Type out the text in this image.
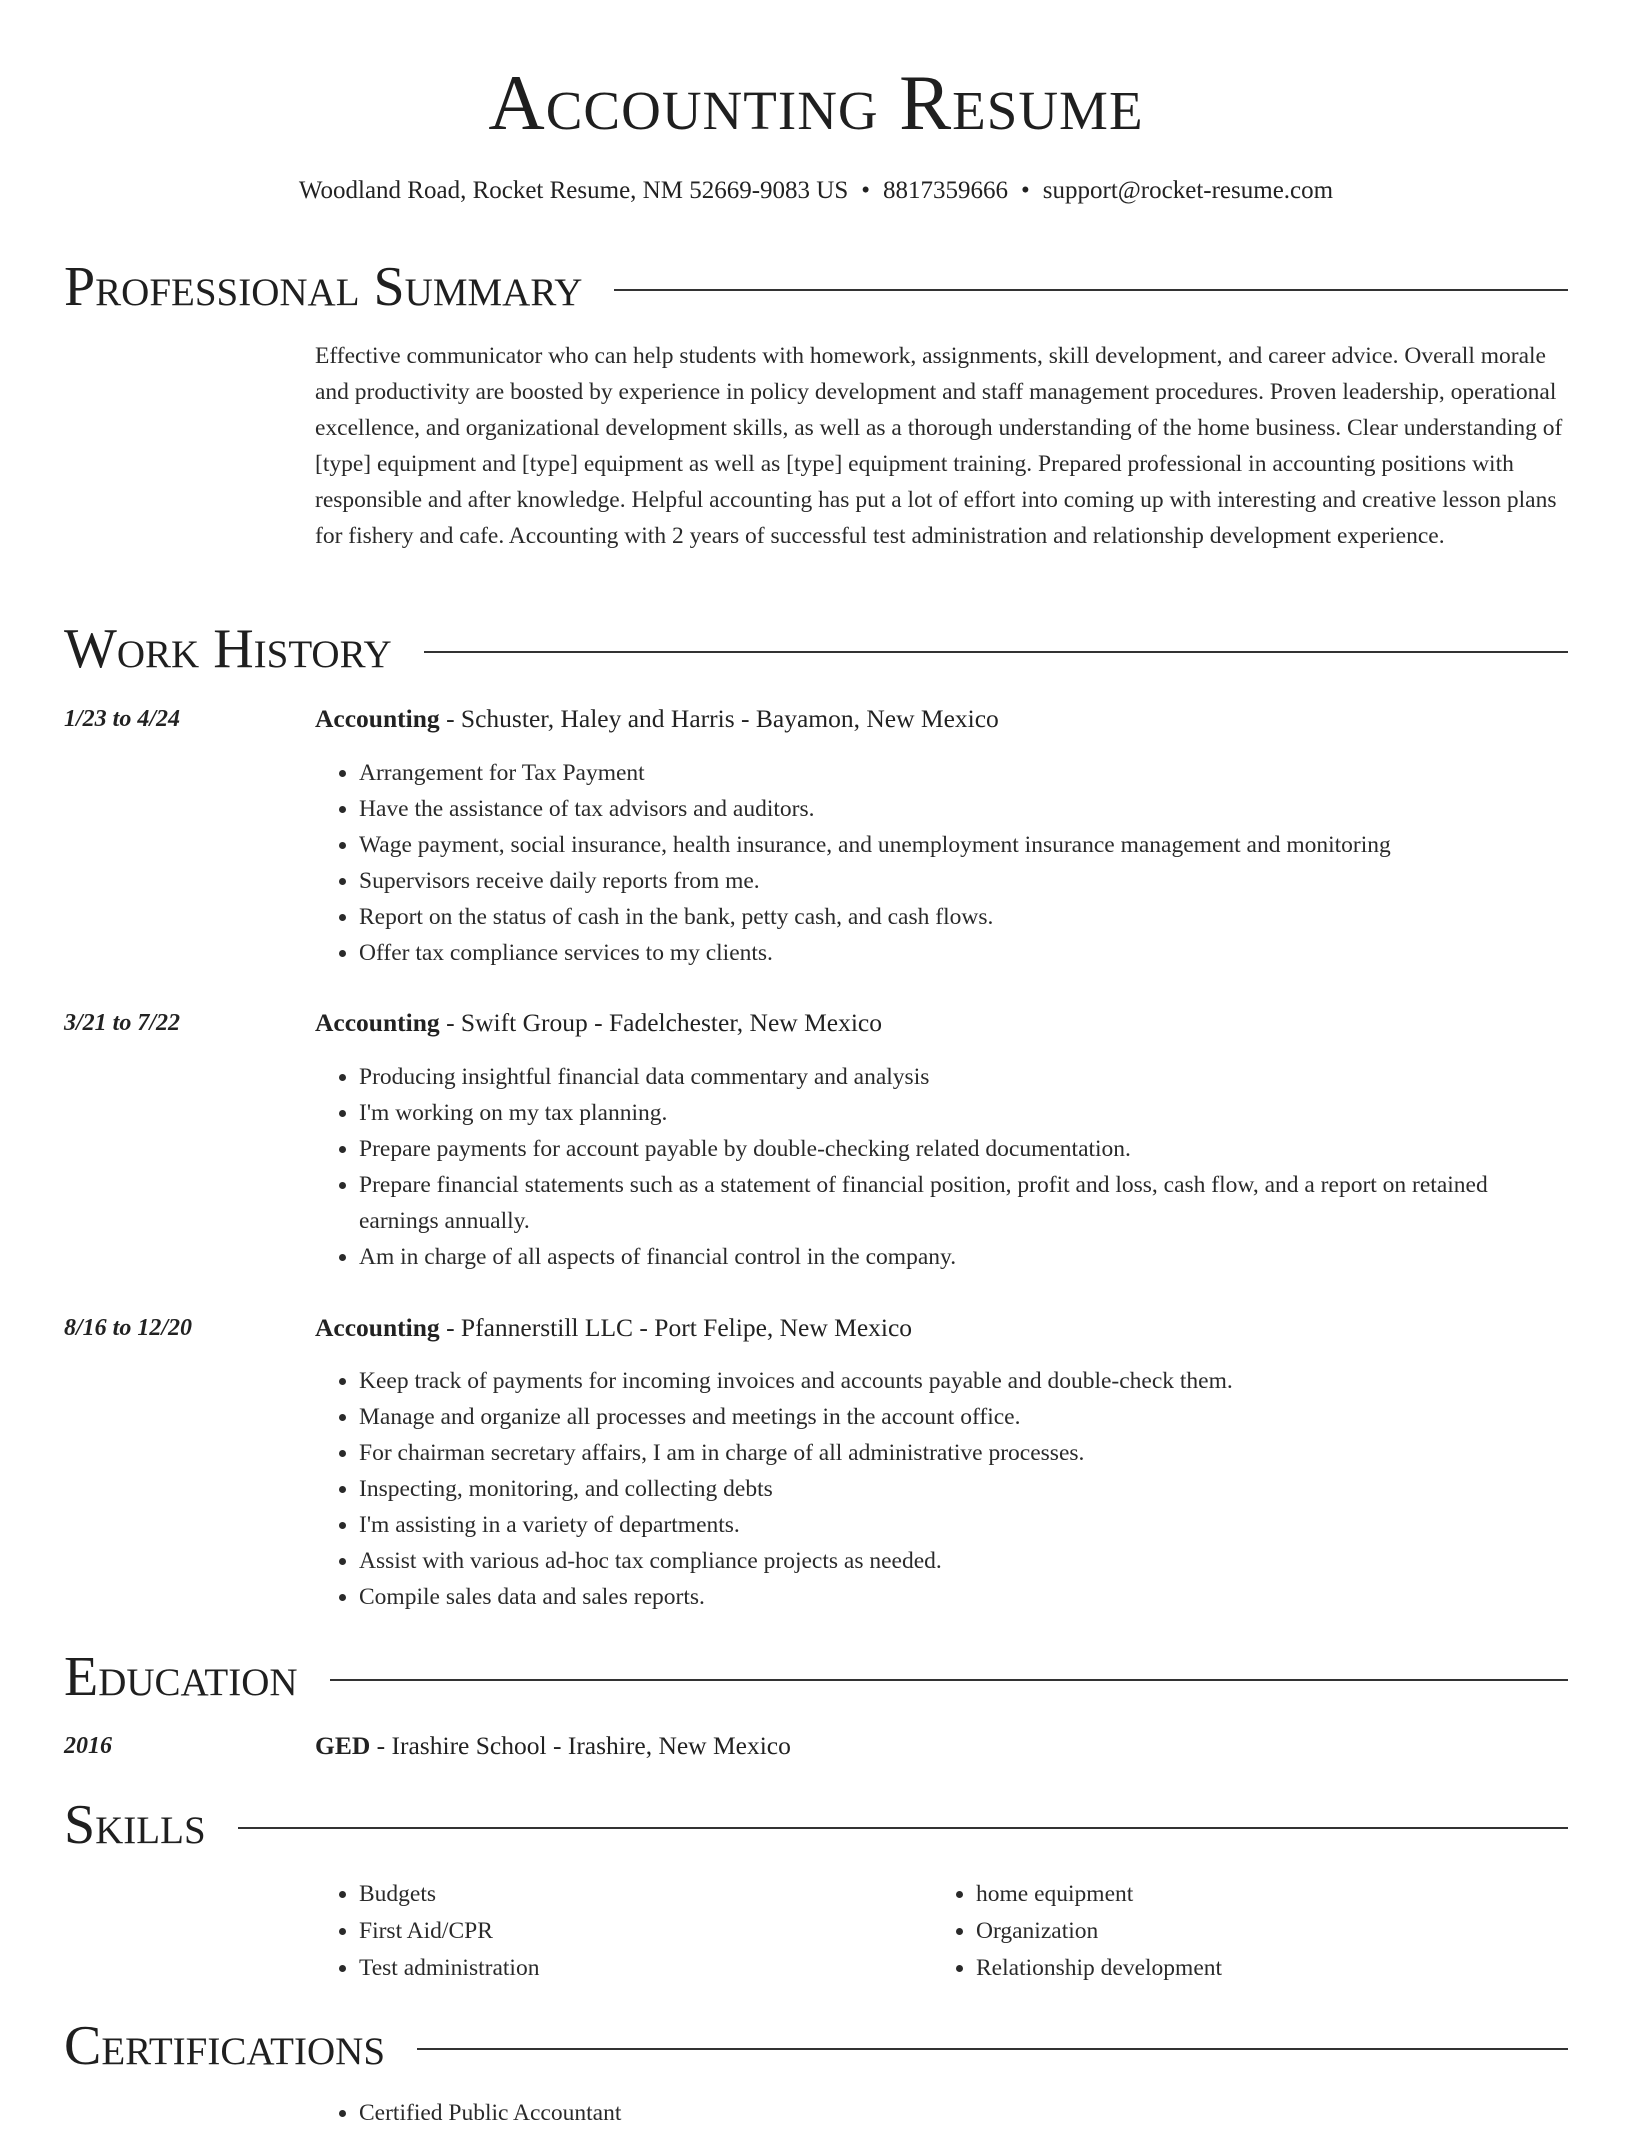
Accounting Resume
Woodland Road, Rocket Resume, NM 52669-9083 US • 8817359666 • support@rocket-resume.com
Professional Summary
Effective communicator who can help students with homework, assignments, skill development, and career advice. Overall morale and productivity are boosted by experience in policy development and staff management procedures. Proven leadership, operational excellence, and organizational development skills, as well as a thorough understanding of the home business. Clear understanding of [type] equipment and [type] equipment as well as [type] equipment training. Prepared professional in accounting positions with responsible and after knowledge. Helpful accounting has put a lot of effort into coming up with interesting and creative lesson plans for fishery and cafe. Accounting with 2 years of successful test administration and relationship development experience.
Work History
1/23 to 4/24	Accounting - Schuster, Haley and Harris - Bayamon, New Mexico
• Arrangement for Tax Payment
• Have the assistance of tax advisors and auditors.
• Wage payment, social insurance, health insurance, and unemployment insurance management and monitoring
• Supervisors receive daily reports from me.
• Report on the status of cash in the bank, petty cash, and cash flows.
• Offer tax compliance services to my clients.
3/21 to 7/22	Accounting - Swift Group - Fadelchester, New Mexico
• Producing insightful financial data commentary and analysis
• I'm working on my tax planning.
• Prepare payments for account payable by double-checking related documentation.
• Prepare financial statements such as a statement of financial position, profit and loss, cash flow, and a report on retained earnings annually.
• Am in charge of all aspects of financial control in the company.
8/16 to 12/20	Accounting - Pfannerstill LLC - Port Felipe, New Mexico
• Keep track of payments for incoming invoices and accounts payable and double-check them.
• Manage and organize all processes and meetings in the account office.
• For chairman secretary affairs, I am in charge of all administrative processes.
• Inspecting, monitoring, and collecting debts
• I'm assisting in a variety of departments.
• Assist with various ad-hoc tax compliance projects as needed.
• Compile sales data and sales reports.
Education
2016	GED - Irashire School - Irashire, New Mexico
Skills
• Budgets
• First Aid/CPR
• Test administration
• home equipment
• Organization
• Relationship development
Certifications
• Certified Public Accountant
